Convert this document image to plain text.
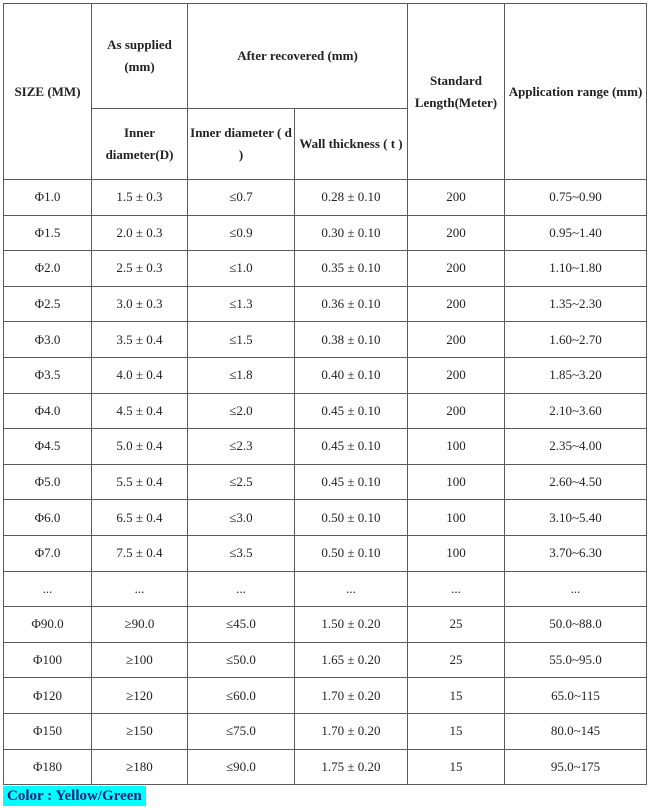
SIZE (MM)	As supplied (mm)	After recovered (mm)		Standard Length(Meter)	Application range (mm)
	Inner diameter(D)	Inner diameter ( d )	Wall thickness ( t )		
Φ1.0	1.5 ± 0.3	≤0.7	0.28 ± 0.10	200	0.75~0.90
Φ1.5	2.0 ± 0.3	≤0.9	0.30 ± 0.10	200	0.95~1.40
Φ2.0	2.5 ± 0.3	≤1.0	0.35 ± 0.10	200	1.10~1.80
Φ2.5	3.0 ± 0.3	≤1.3	0.36 ± 0.10	200	1.35~2.30
Φ3.0	3.5 ± 0.4	≤1.5	0.38 ± 0.10	200	1.60~2.70
Φ3.5	4.0 ± 0.4	≤1.8	0.40 ± 0.10	200	1.85~3.20
Φ4.0	4.5 ± 0.4	≤2.0	0.45 ± 0.10	200	2.10~3.60
Φ4.5	5.0 ± 0.4	≤2.3	0.45 ± 0.10	100	2.35~4.00
Φ5.0	5.5 ± 0.4	≤2.5	0.45 ± 0.10	100	2.60~4.50
Φ6.0	6.5 ± 0.4	≤3.0	0.50 ± 0.10	100	3.10~5.40
Φ7.0	7.5 ± 0.4	≤3.5	0.50 ± 0.10	100	3.70~6.30
...	...	...	...	...	...
Φ90.0	≥90.0	≤45.0	1.50 ± 0.20	25	50.0~88.0
Φ100	≥100	≤50.0	1.65 ± 0.20	25	55.0~95.0
Φ120	≥120	≤60.0	1.70 ± 0.20	15	65.0~115
Φ150	≥150	≤75.0	1.70 ± 0.20	15	80.0~145
Φ180	≥180	≤90.0	1.75 ± 0.20	15	95.0~175
Color : Yellow/Green
